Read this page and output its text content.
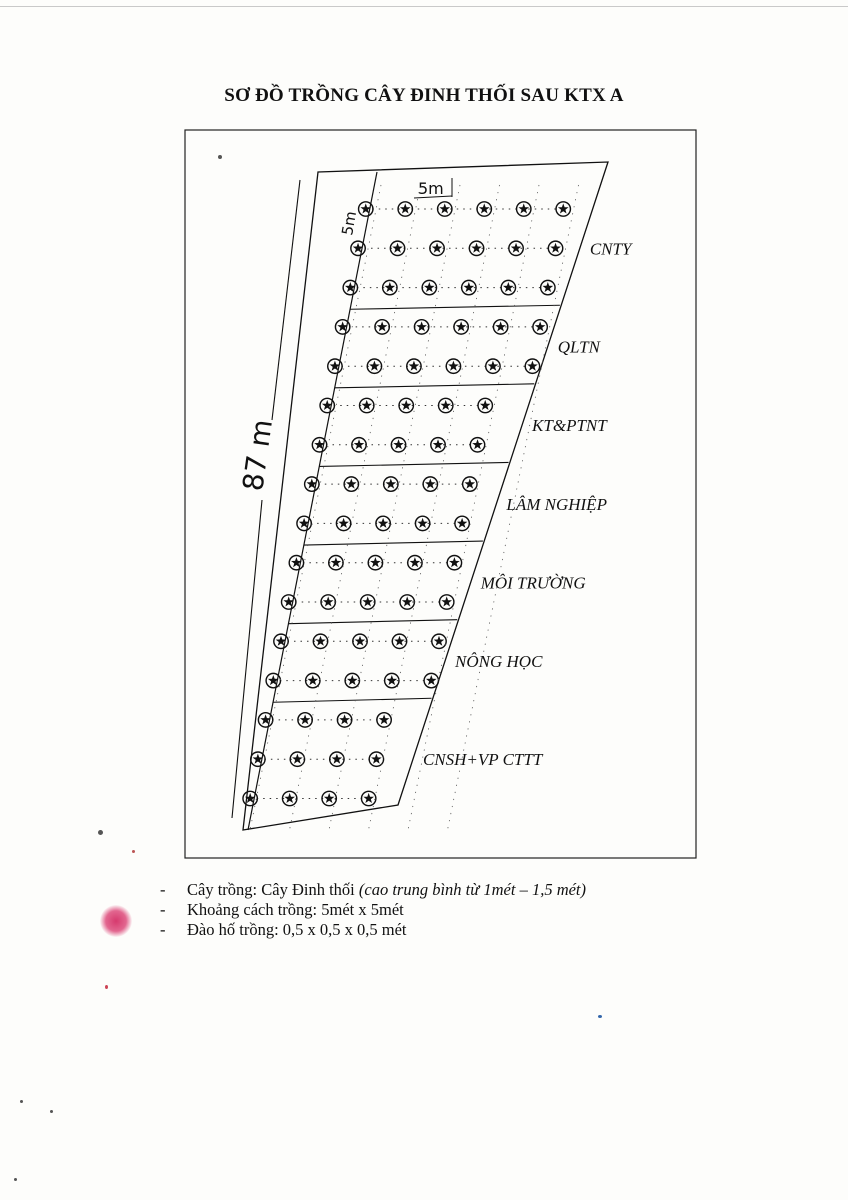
SƠ ĐỒ TRỒNG CÂY ĐINH THỐI SAU KTX A
CNTY
QLTN
KT&PTNT
LÂM NGHIỆP
MÔI TRƯỜNG
NÔNG HỌC
CNSH+VP CTTT
87 m
5m
5m
- Cây trồng: Cây Đinh thối (cao trung bình từ 1mét – 1,5 mét)
- Khoảng cách trồng: 5mét x 5mét
- Đào hố trồng: 0,5 x 0,5 x 0,5 mét
